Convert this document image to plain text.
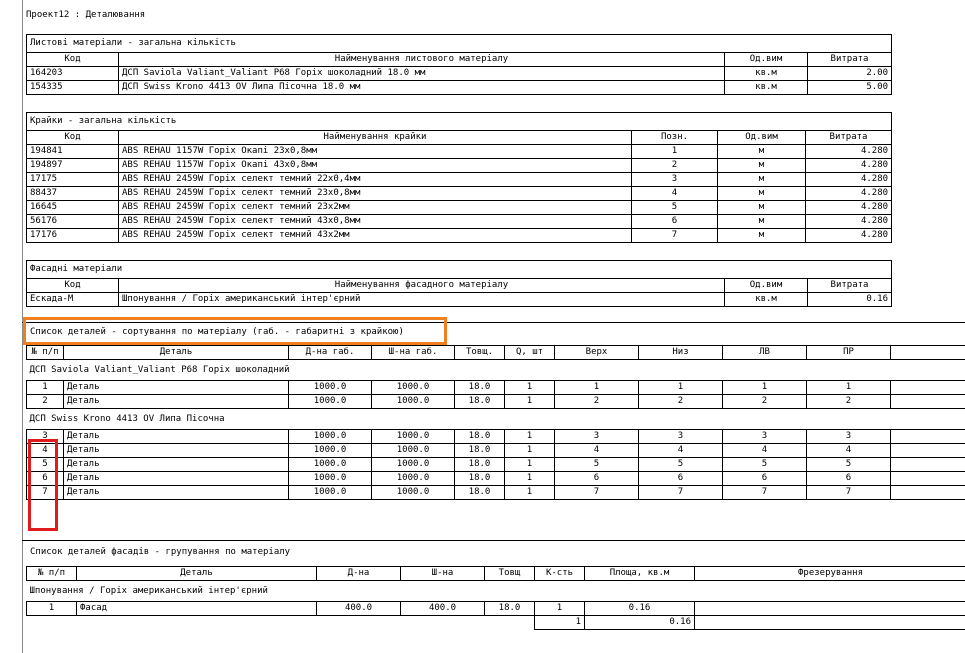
Проект12 : Деталювання
Листові матеріали - загальна кількість			
Код	Найменування листового матеріалу	Од.вим	Витрата
164203	ДСП Saviola Valiant_Valiant P68 Горіх шоколадний 18.0 мм	кв.м	2.00
154335	ДСП Swiss Krono 4413 OV Липа Пісочна 18.0 мм	кв.м	5.00
Крайки - загальна кількість				
Код	Найменування крайки	Позн.	Од.вим	Витрата
194841	ABS REHAU 1157W Горіх Окапі 23x0,8мм	1	м	4.280
194897	ABS REHAU 1157W Горіх Окапі 43x0,8мм	2	м	4.280
17175	ABS REHAU 2459W Горіх селект темний 22x0,4мм	3	м	4.280
88437	ABS REHAU 2459W Горіх селект темний 23x0,8мм	4	м	4.280
16645	ABS REHAU 2459W Горіх селект темний 23x2мм	5	м	4.280
56176	ABS REHAU 2459W Горіх селект темний 43x0,8мм	6	м	4.280
17176	ABS REHAU 2459W Горіх селект темний 43x2мм	7	м	4.280
Фасадні матеріали			
Код	Найменування фасадного матеріалу	Од.вим	Витрата
Ескада-М	Шпонування / Горіх американський інтер'єрний	кв.м	0.16
Список деталей - сортування по матеріалу (габ. - габаритні з крайкою)
№ п/п	Деталь	Д-на габ.	Ш-на габ.	Товщ.	Q, шт	Верх	Низ	ЛВ	ПР	
ДСП Saviola Valiant_Valiant P68 Горіх шоколадний										
1	Деталь	1000.0	1000.0	18.0	1	1	1	1	1	
2	Деталь	1000.0	1000.0	18.0	1	2	2	2	2	
ДСП Swiss Krono 4413 OV Липа Пісочна										
3	Деталь	1000.0	1000.0	18.0	1	3	3	3	3	
4	Деталь	1000.0	1000.0	18.0	1	4	4	4	4	
5	Деталь	1000.0	1000.0	18.0	1	5	5	5	5	
6	Деталь	1000.0	1000.0	18.0	1	6	6	6	6	
7	Деталь	1000.0	1000.0	18.0	1	7	7	7	7	
Список деталей фасадів - групування по матеріалу
№ п/п	Деталь	Д-на	Ш-на	Товщ	К-сть	Площа, кв.м	Фрезерування
Шпонування / Горіх американський інтер'єрний							
1	Фасад	400.0	400.0	18.0	1	0.16	
					1	0.16	
